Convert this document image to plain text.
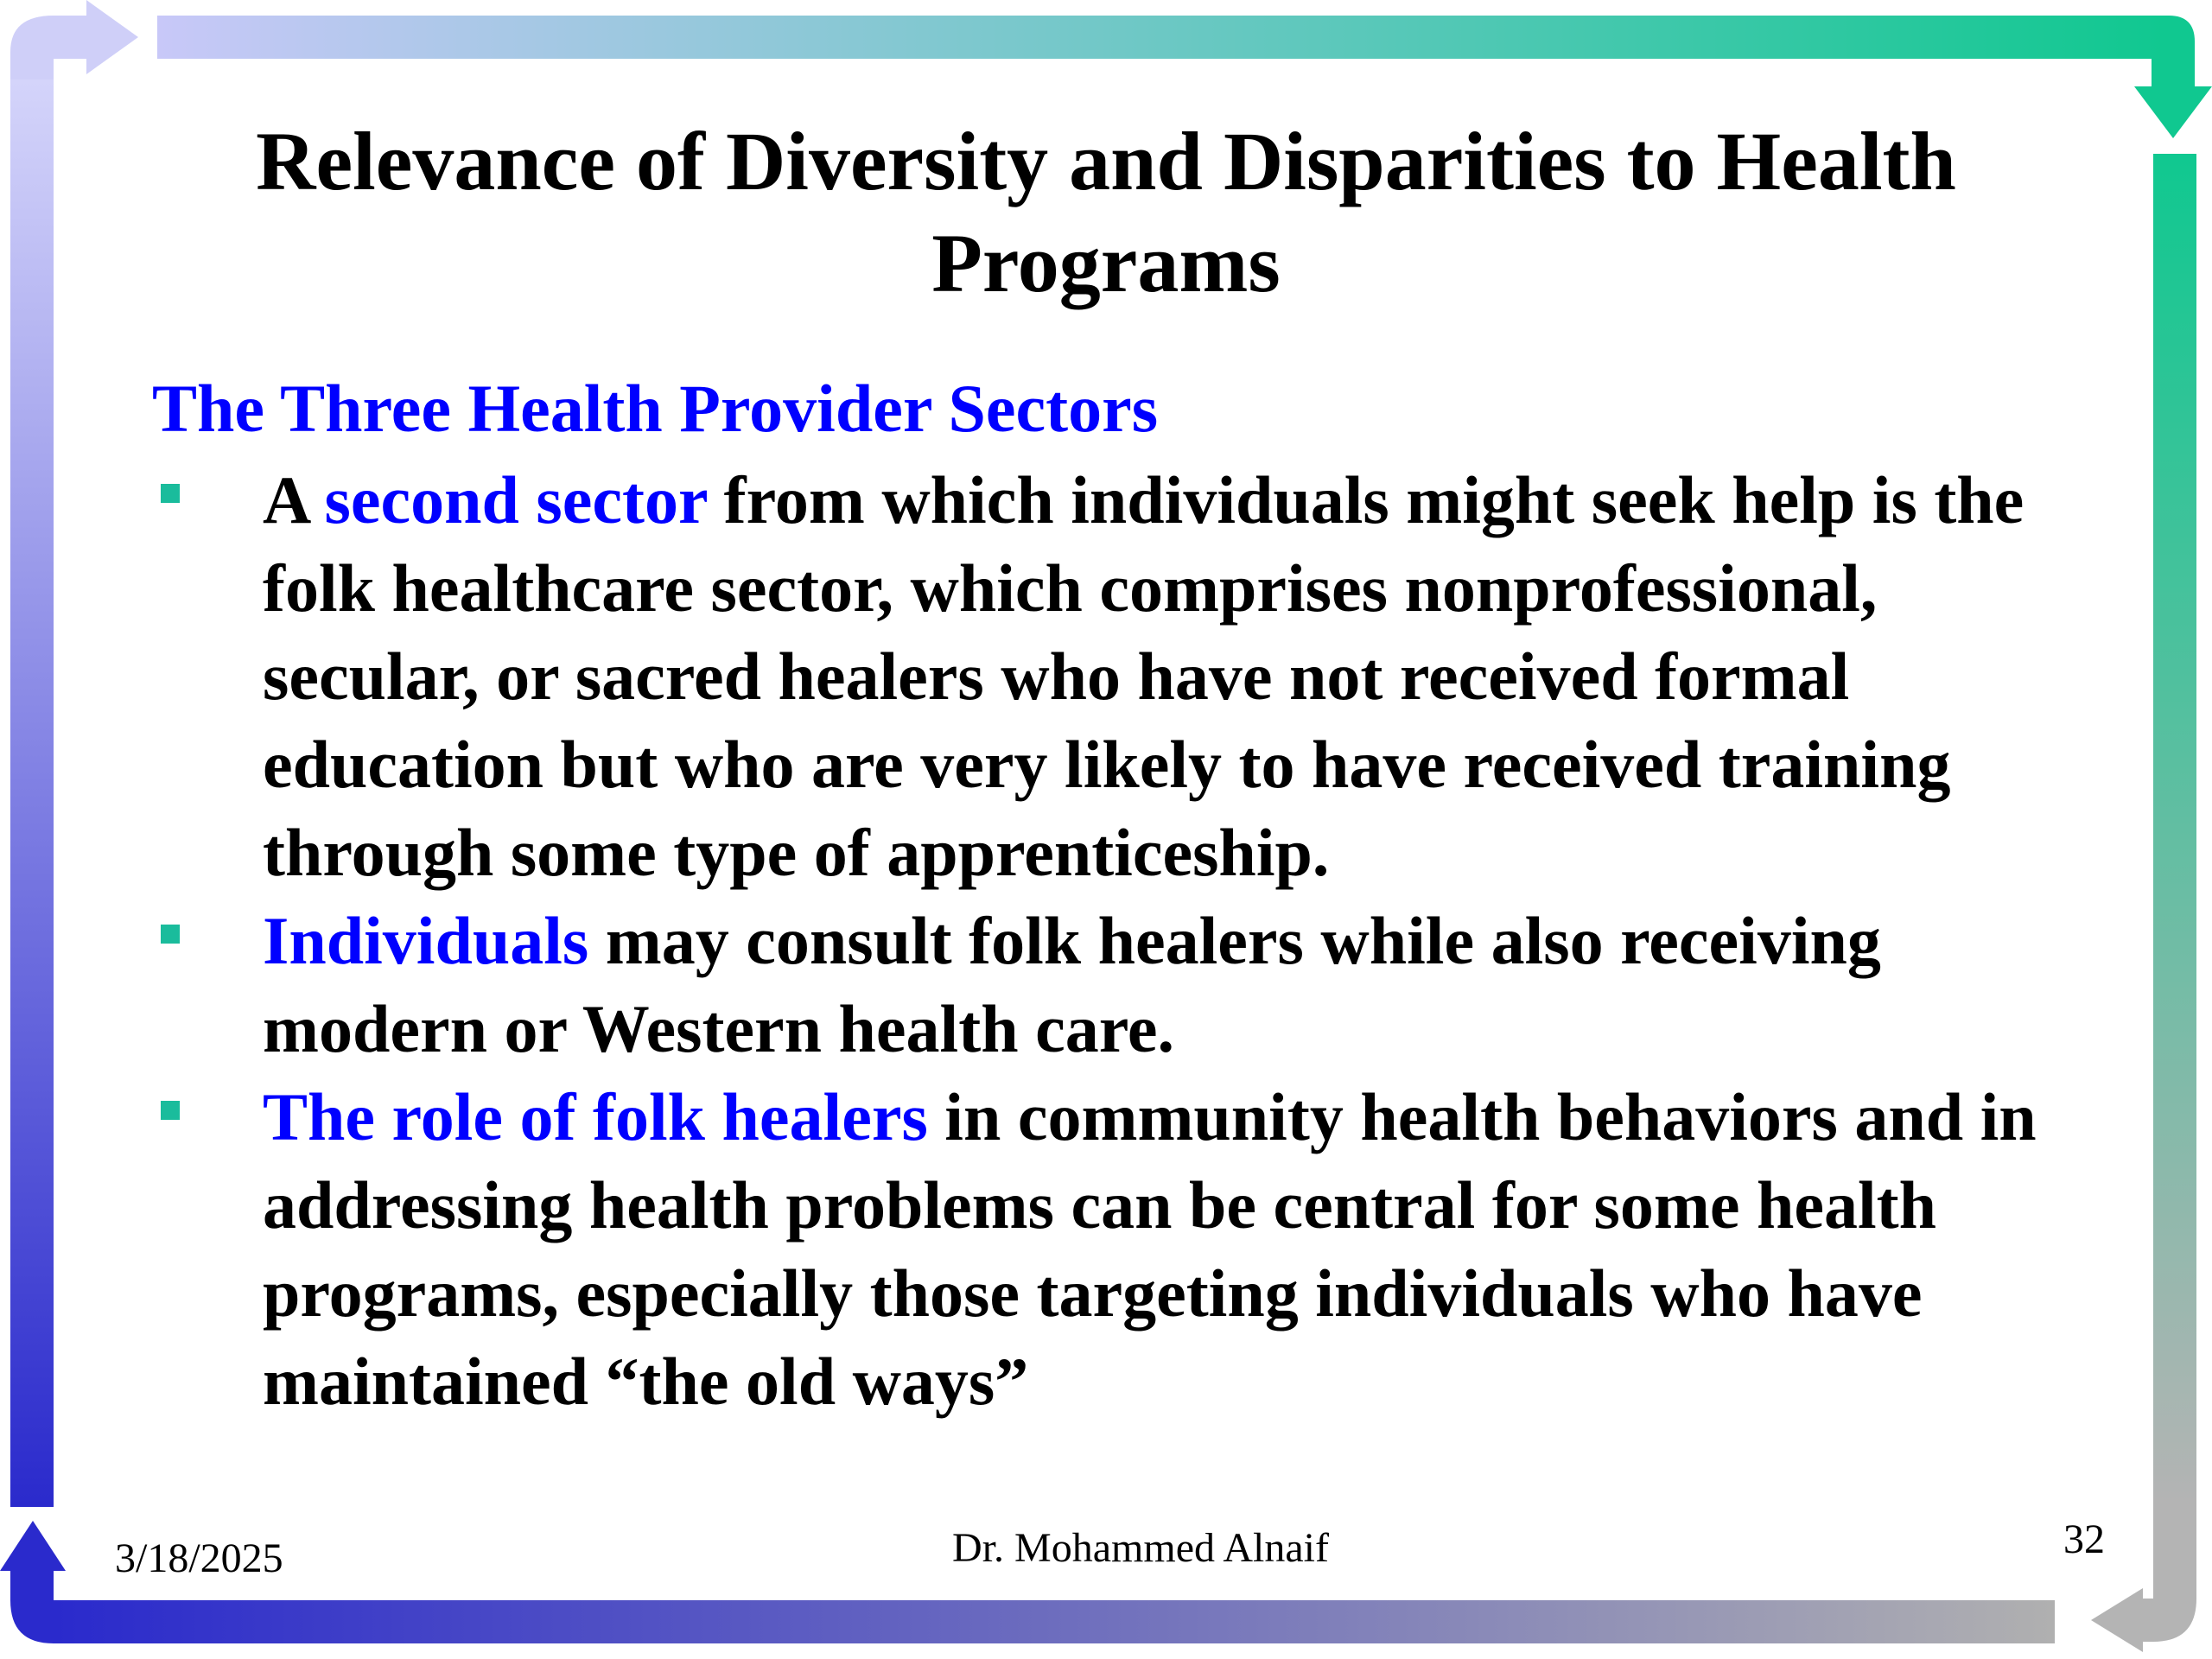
Relevance of Diversity and Disparities to Health Programs
The Three Health Provider Sectors
A second sector from which individuals might seek help is the folk healthcare sector, which comprises nonprofessional, secular, or sacred healers who have not received formal education but who are very likely to have received training through some type of apprenticeship.
Individuals may consult folk healers while also receiving modern or Western health care.
The role of folk healers in community health behaviors and in addressing health problems can be central for some health programs, especially those targeting individuals who have maintained “the old ways”
3/18/2025	Dr. Mohammed Alnaif	32
